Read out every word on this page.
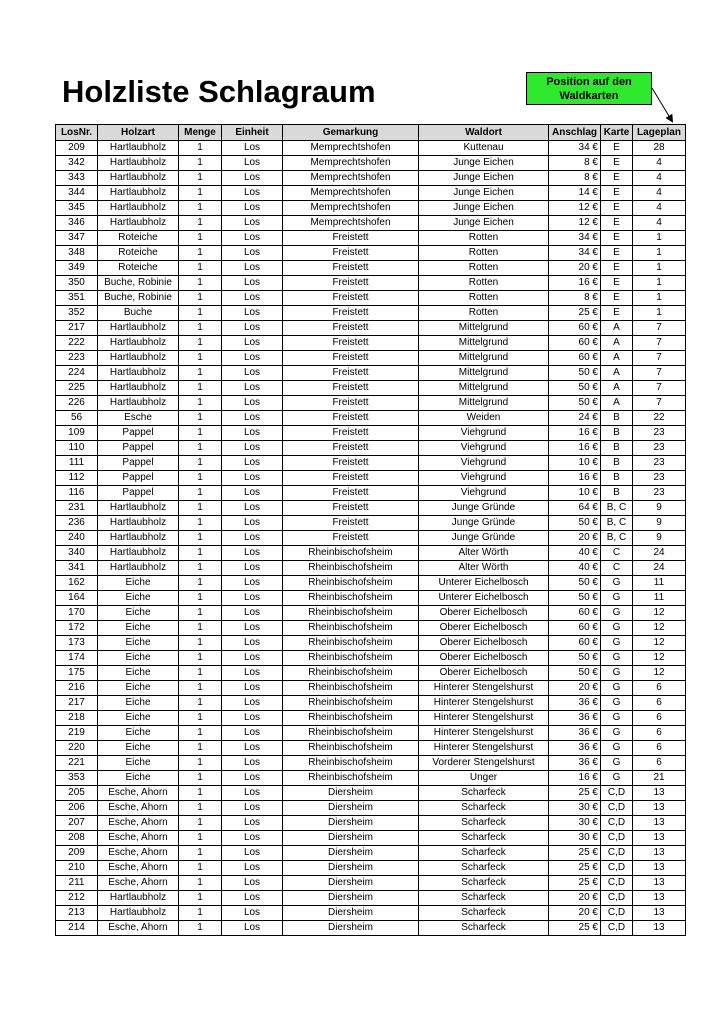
Holzliste Schlagraum	Position auf den
Waldkarten
LosNr.	Holzart	Menge	Einheit	Gemarkung	Waldort	Anschlag	Karte	Lageplan
209	Hartlaubholz	1	Los	Memprechtshofen	Kuttenau	34 €	E	28
342	Hartlaubholz	1	Los	Memprechtshofen	Junge Eichen	8 €	E	4
343	Hartlaubholz	1	Los	Memprechtshofen	Junge Eichen	8 €	E	4
344	Hartlaubholz	1	Los	Memprechtshofen	Junge Eichen	14 €	E	4
345	Hartlaubholz	1	Los	Memprechtshofen	Junge Eichen	12 €	E	4
346	Hartlaubholz	1	Los	Memprechtshofen	Junge Eichen	12 €	E	4
347	Roteiche	1	Los	Freistett	Rotten	34 €	E	1
348	Roteiche	1	Los	Freistett	Rotten	34 €	E	1
349	Roteiche	1	Los	Freistett	Rotten	20 €	E	1
350	Buche, Robinie	1	Los	Freistett	Rotten	16 €	E	1
351	Buche, Robinie	1	Los	Freistett	Rotten	8 €	E	1
352	Buche	1	Los	Freistett	Rotten	25 €	E	1
217	Hartlaubholz	1	Los	Freistett	Mittelgrund	60 €	A	7
222	Hartlaubholz	1	Los	Freistett	Mittelgrund	60 €	A	7
223	Hartlaubholz	1	Los	Freistett	Mittelgrund	60 €	A	7
224	Hartlaubholz	1	Los	Freistett	Mittelgrund	50 €	A	7
225	Hartlaubholz	1	Los	Freistett	Mittelgrund	50 €	A	7
226	Hartlaubholz	1	Los	Freistett	Mittelgrund	50 €	A	7
56	Esche	1	Los	Freistett	Weiden	24 €	B	22
109	Pappel	1	Los	Freistett	Viehgrund	16 €	B	23
110	Pappel	1	Los	Freistett	Viehgrund	16 €	B	23
111	Pappel	1	Los	Freistett	Viehgrund	10 €	B	23
112	Pappel	1	Los	Freistett	Viehgrund	16 €	B	23
116	Pappel	1	Los	Freistett	Viehgrund	10 €	B	23
231	Hartlaubholz	1	Los	Freistett	Junge Gründe	64 €	B, C	9
236	Hartlaubholz	1	Los	Freistett	Junge Gründe	50 €	B, C	9
240	Hartlaubholz	1	Los	Freistett	Junge Gründe	20 €	B, C	9
340	Hartlaubholz	1	Los	Rheinbischofsheim	Alter Wörth	40 €	C	24
341	Hartlaubholz	1	Los	Rheinbischofsheim	Alter Wörth	40 €	C	24
162	Eiche	1	Los	Rheinbischofsheim	Unterer Eichelbosch	50 €	G	11
164	Eiche	1	Los	Rheinbischofsheim	Unterer Eichelbosch	50 €	G	11
170	Eiche	1	Los	Rheinbischofsheim	Oberer Eichelbosch	60 €	G	12
172	Eiche	1	Los	Rheinbischofsheim	Oberer Eichelbosch	60 €	G	12
173	Eiche	1	Los	Rheinbischofsheim	Oberer Eichelbosch	60 €	G	12
174	Eiche	1	Los	Rheinbischofsheim	Oberer Eichelbosch	50 €	G	12
175	Eiche	1	Los	Rheinbischofsheim	Oberer Eichelbosch	50 €	G	12
216	Eiche	1	Los	Rheinbischofsheim	Hinterer Stengelshurst	20 €	G	6
217	Eiche	1	Los	Rheinbischofsheim	Hinterer Stengelshurst	36 €	G	6
218	Eiche	1	Los	Rheinbischofsheim	Hinterer Stengelshurst	36 €	G	6
219	Eiche	1	Los	Rheinbischofsheim	Hinterer Stengelshurst	36 €	G	6
220	Eiche	1	Los	Rheinbischofsheim	Hinterer Stengelshurst	36 €	G	6
221	Eiche	1	Los	Rheinbischofsheim	Vorderer Stengelshurst	36 €	G	6
353	Eiche	1	Los	Rheinbischofsheim	Unger	16 €	G	21
205	Esche, Ahorn	1	Los	Diersheim	Scharfeck	25 €	C,D	13
206	Esche, Ahorn	1	Los	Diersheim	Scharfeck	30 €	C,D	13
207	Esche, Ahorn	1	Los	Diersheim	Scharfeck	30 €	C,D	13
208	Esche, Ahorn	1	Los	Diersheim	Scharfeck	30 €	C,D	13
209	Esche, Ahorn	1	Los	Diersheim	Scharfeck	25 €	C,D	13
210	Esche, Ahorn	1	Los	Diersheim	Scharfeck	25 €	C,D	13
211	Esche, Ahorn	1	Los	Diersheim	Scharfeck	25 €	C,D	13
212	Hartlaubholz	1	Los	Diersheim	Scharfeck	20 €	C,D	13
213	Hartlaubholz	1	Los	Diersheim	Scharfeck	20 €	C,D	13
214	Esche, Ahorn	1	Los	Diersheim	Scharfeck	25 €	C,D	13
